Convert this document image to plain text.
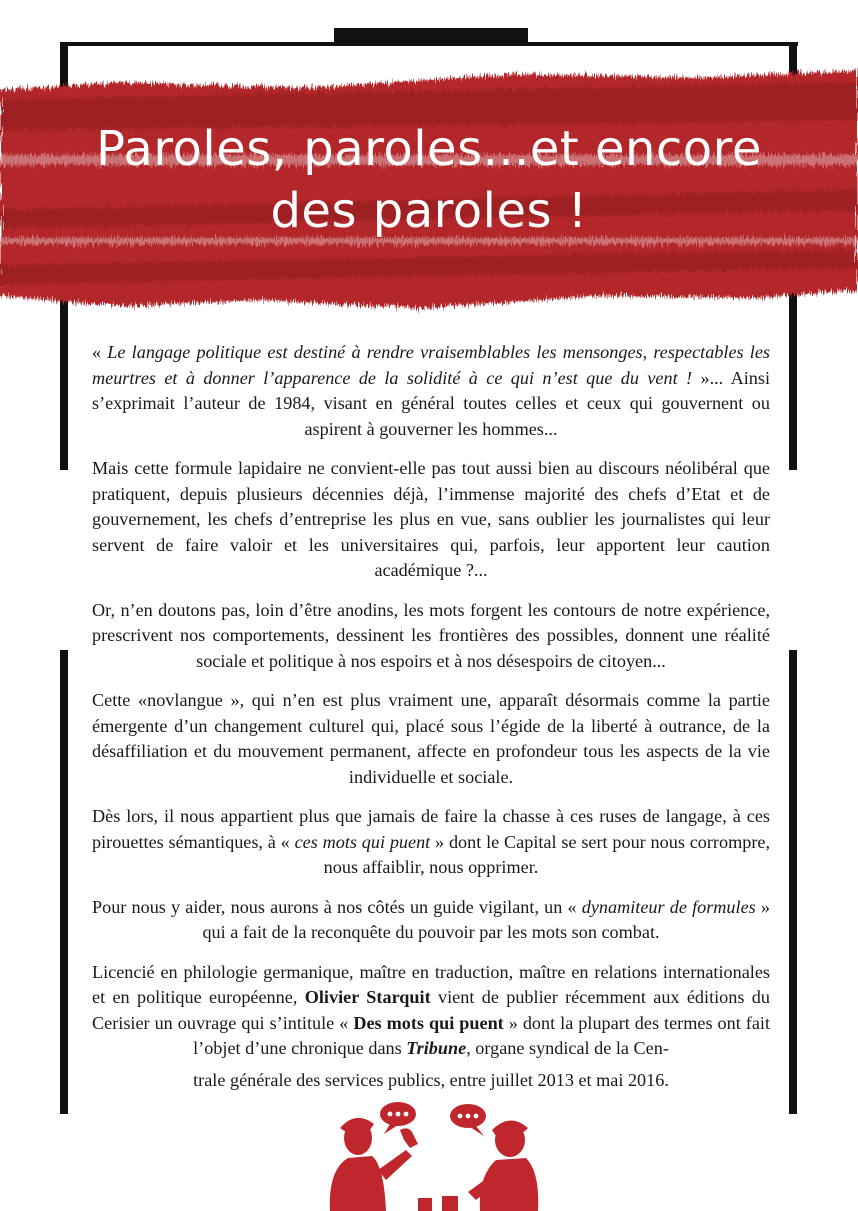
Paroles, paroles...et encore
des paroles !

« Le langage politique est destiné à rendre vraisemblables les mensonges, respectables les meurtres et à donner l’apparence de la solidité à ce qui n’est que du vent ! »... Ainsi s’exprimait l’auteur de 1984, visant en général toutes celles et ceux qui gouvernent ou aspirent à gouverner les hommes...

Mais cette formule lapidaire ne convient-elle pas tout aussi bien au discours néolibéral que pratiquent, depuis plusieurs décennies déjà, l’immense majorité des chefs d’Etat et de gouvernement, les chefs d’entreprise les plus en vue, sans oublier les journalistes qui leur servent de faire valoir et les universitaires qui, parfois, leur apportent leur caution académique ?...

Or, n’en doutons pas, loin d’être anodins, les mots forgent les contours de notre expérience, prescrivent nos comportements, dessinent les frontières des possibles, donnent une réalité sociale et politique à nos espoirs et à nos désespoirs de citoyen...

Cette «novlangue », qui n’en est plus vraiment une, apparaît désormais comme la partie émergente d’un changement culturel qui, placé sous l’égide de la liberté à outrance, de la désaffiliation et du mouvement permanent, affecte en profondeur tous les aspects de la vie individuelle et sociale.

Dès lors, il nous appartient plus que jamais de faire la chasse à ces ruses de langage, à ces pirouettes sémantiques, à « ces mots qui puent » dont le Capital se sert pour nous corrompre, nous affaiblir, nous opprimer.

Pour nous y aider, nous aurons à nos côtés un guide vigilant, un « dynamiteur de formules » qui a fait de la reconquête du pouvoir par les mots son combat.

Licencié en philologie germanique, maître en traduction, maître en relations internationales et en politique européenne, Olivier Starquit vient de publier récemment aux éditions du Cerisier un ouvrage qui s’intitule « Des mots qui puent » dont la plupart des termes ont fait l’objet d’une chronique dans Tribune, organe syndical de la Cen-

trale générale des services publics, entre juillet 2013 et mai 2016.
